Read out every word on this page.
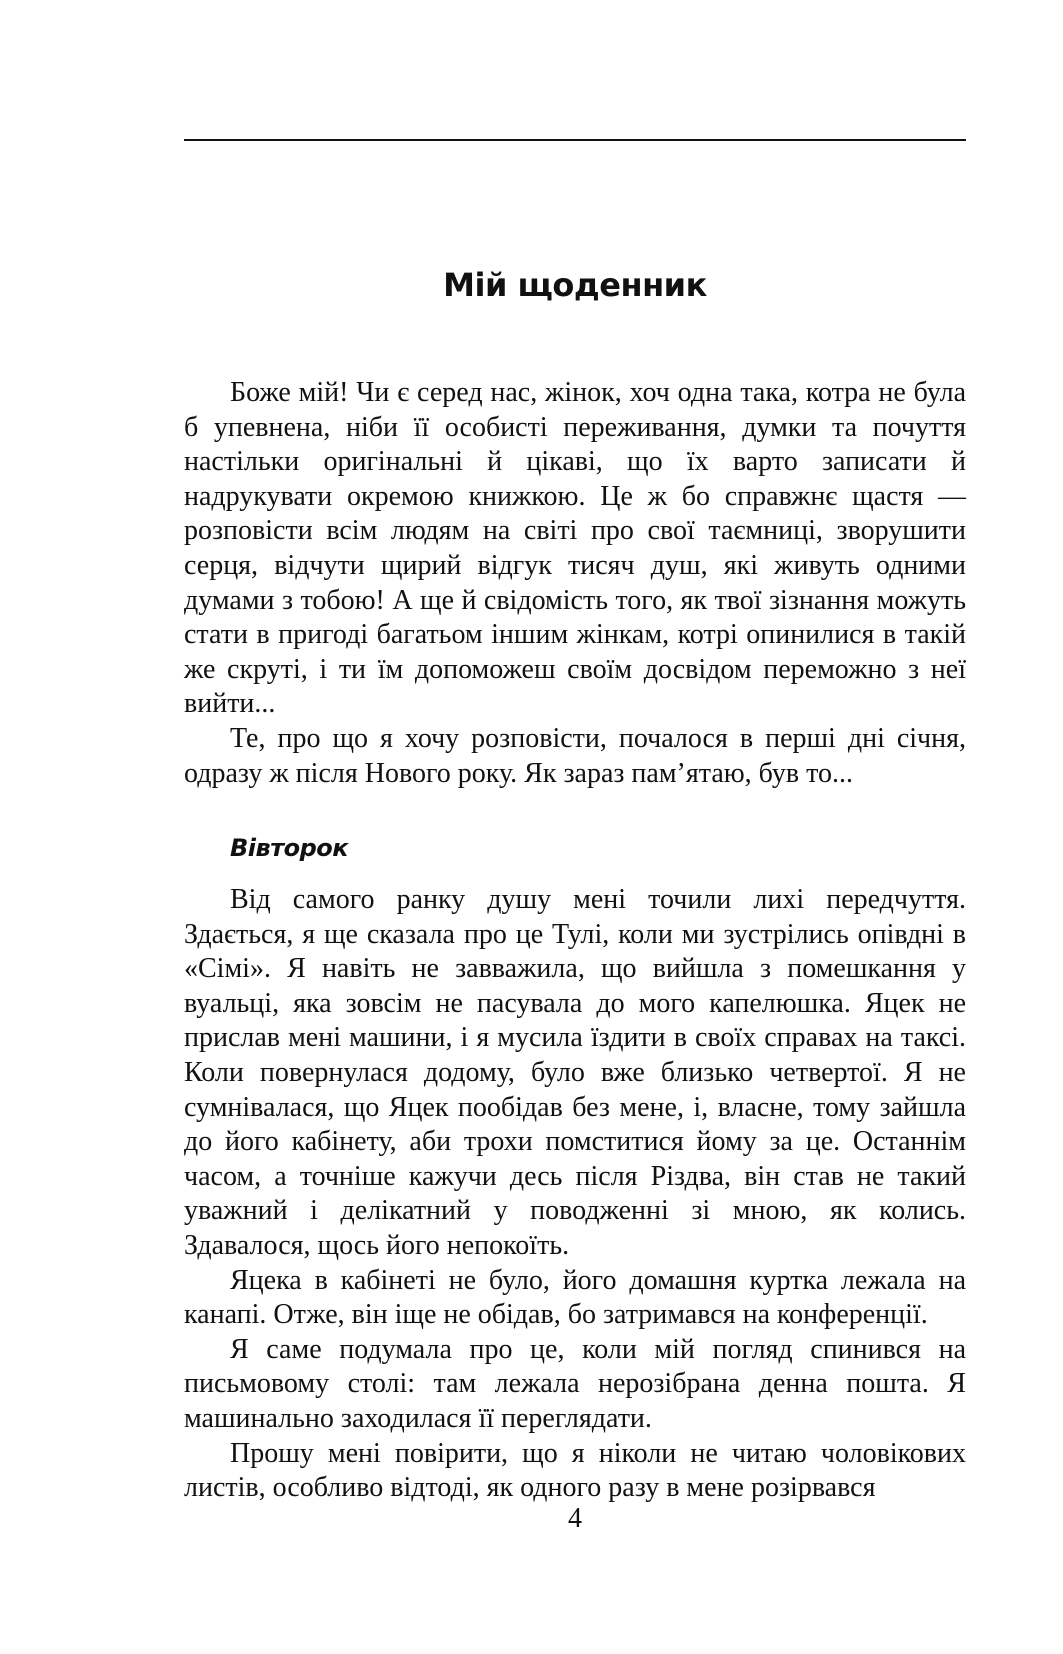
Мій щоденник

Боже мій! Чи є серед нас, жінок, хоч одна така, котра не була б упевнена, ніби її особисті переживання, думки та почуття настільки оригінальні й цікаві, що їх варто записати й надрукувати окремою книжкою. Це ж бо справжнє щастя — розповісти всім людям на світі про свої таємниці, зворушити серця, відчути щирий відгук тисяч душ, які живуть одними думами з тобою! А ще й свідомість того, як твої зізнання можуть стати в пригоді багатьом іншим жінкам, котрі опинилися в такій же скруті, і ти їм допоможеш своїм досвідом переможно з неї вийти...

Те, про що я хочу розповісти, почалося в перші дні січня, одразу ж після Нового року. Як зараз пам’ятаю, був то...

Вівторок

Від самого ранку душу мені точили лихі передчуття. Здається, я ще сказала про це Тулі, коли ми зустрілись опівдні в «Сімі». Я навіть не завважила, що вийшла з помешкання у вуальці, яка зовсім не пасувала до мого капелюшка. Яцек не прислав мені машини, і я мусила їздити в своїх справах на таксі. Коли повернулася додому, було вже близько четвертої. Я не сумнівалася, що Яцек пообідав без мене, і, власне, тому зайшла до його кабінету, аби трохи помститися йому за це. Останнім часом, а точніше кажучи десь після Різдва, він став не такий уважний і делікатний у поводженні зі мною, як колись. Здавалося, щось його непокоїть.

Яцека в кабінеті не було, його домашня куртка лежала на канапі. Отже, він іще не обідав, бо затримався на конференції.

Я саме подумала про це, коли мій погляд спинився на письмовому столі: там лежала нерозібрана денна пошта. Я машинально заходилася її переглядати.

Прошу мені повірити, що я ніколи не читаю чоловікових листів, особливо відтоді, як одного разу в мене розірвався

4
